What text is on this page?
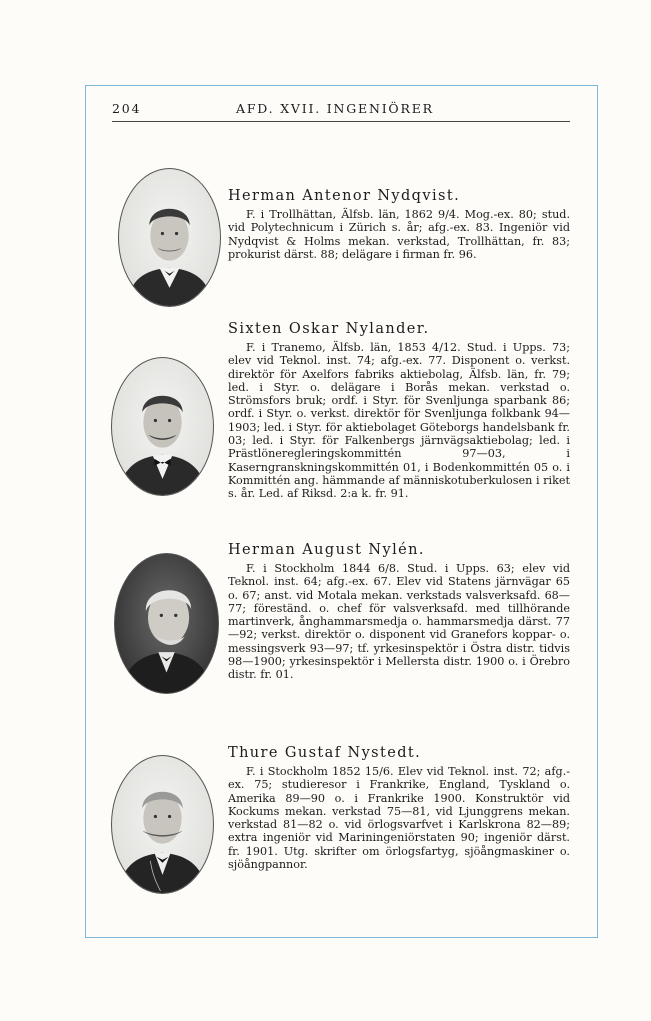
204	AFD. XVII. INGENIÖRER
Herman Antenor Nydqvist.
F. i Trollhättan, Älfsb. län, 1862 9/4. Mog.-ex. 80; stud. vid Polytechnicum i Zürich s. år; afg.-ex. 83. Ingeniör vid Nydqvist & Holms mekan. verkstad, Trollhättan, fr. 83; prokurist därst. 88; delägare i firman fr. 96.
Sixten Oskar Nylander.
F. i Tranemo, Älfsb. län, 1853 4/12. Stud. i Upps. 73; elev vid Teknol. inst. 74; afg.-ex. 77. Disponent o. verkst. direktör för Axelfors fabriks aktiebolag, Älfsb. län, fr. 79; led. i Styr. o. delägare i Borås mekan. verkstad o. Strömsfors bruk; ordf. i Styr. för Svenljunga sparbank 86; ordf. i Styr. o. verkst. direktör för Svenljunga folkbank 94—1903; led. i Styr. för aktiebolaget Göteborgs handelsbank fr. 03; led. i Styr. för Falkenbergs järnvägsaktiebolag; led. i Prästlöneregleringskommittén 97—03, i Kaserngranskningskommittén 01, i Bodenkommittén 05 o. i Kommittén ang. hämmande af människotuberkulosen i riket s. år. Led. af Riksd. 2:a k. fr. 91.
Herman August Nylén.
F. i Stockholm 1844 6/8. Stud. i Upps. 63; elev vid Teknol. inst. 64; afg.-ex. 67. Elev vid Statens järnvägar 65 o. 67; anst. vid Motala mekan. verkstads valsverksafd. 68—77; föreständ. o. chef för valsverksafd. med tillhörande martinverk, ånghammarsmedja o. hammarsmedja därst. 77—92; verkst. direktör o. disponent vid Granefors koppar- o. messingsverk 93—97; tf. yrkesinspektör i Östra distr. tidvis 98—1900; yrkesinspektör i Mellersta distr. 1900 o. i Örebro distr. fr. 01.
Thure Gustaf Nystedt.
F. i Stockholm 1852 15/6. Elev vid Teknol. inst. 72; afg.-ex. 75; studieresor i Frankrike, England, Tyskland o. Amerika 89—90 o. i Frankrike 1900. Konstruktör vid Kockums mekan. verkstad 75—81, vid Ljunggrens mekan. verkstad 81—82 o. vid örlogsvarfvet i Karlskrona 82—89; extra ingeniör vid Mariningeniörstaten 90; ingeniör därst. fr. 1901. Utg. skrifter om örlogsfartyg, sjöångmaskiner o. sjöångpannor.
